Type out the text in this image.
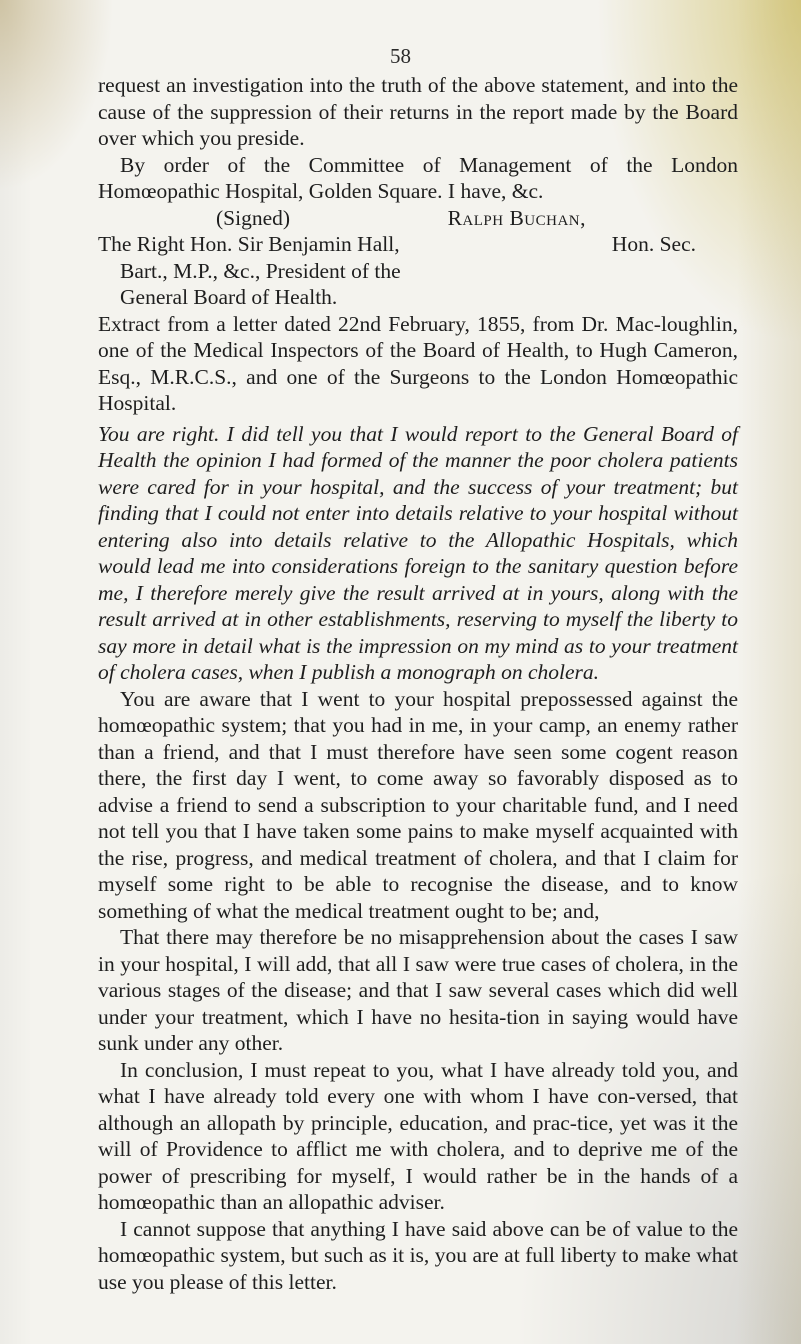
58

request an investigation into the truth of the above statement, and into the cause of the suppression of their returns in the report made by the Board over which you preside.

By order of the Committee of Management of the London Homœopathic Hospital, Golden Square. I have, &c.

(Signed)	Ralph Buchan,
The Right Hon. Sir Benjamin Hall,	Hon. Sec.
Bart., M.P., &c., President of the
General Board of Health.

Extract from a letter dated 22nd February, 1855, from Dr. Mac-loughlin, one of the Medical Inspectors of the Board of Health, to Hugh Cameron, Esq., M.R.C.S., and one of the Surgeons to the London Homœopathic Hospital.

You are right. I did tell you that I would report to the General Board of Health the opinion I had formed of the manner the poor cholera patients were cared for in your hospital, and the success of your treatment; but finding that I could not enter into details relative to your hospital without entering also into details relative to the Allopathic Hospitals, which would lead me into considerations foreign to the sanitary question before me, I therefore merely give the result arrived at in yours, along with the result arrived at in other establishments, reserving to myself the liberty to say more in detail what is the impression on my mind as to your treatment of cholera cases, when I publish a monograph on cholera.

You are aware that I went to your hospital prepossessed against the homœopathic system; that you had in me, in your camp, an enemy rather than a friend, and that I must therefore have seen some cogent reason there, the first day I went, to come away so favorably disposed as to advise a friend to send a subscription to your charitable fund, and I need not tell you that I have taken some pains to make myself acquainted with the rise, progress, and medical treatment of cholera, and that I claim for myself some right to be able to recognise the disease, and to know something of what the medical treatment ought to be; and,

That there may therefore be no misapprehension about the cases I saw in your hospital, I will add, that all I saw were true cases of cholera, in the various stages of the disease; and that I saw several cases which did well under your treatment, which I have no hesita-tion in saying would have sunk under any other.

In conclusion, I must repeat to you, what I have already told you, and what I have already told every one with whom I have con-versed, that although an allopath by principle, education, and prac-tice, yet was it the will of Providence to afflict me with cholera, and to deprive me of the power of prescribing for myself, I would rather be in the hands of a homœopathic than an allopathic adviser.

I cannot suppose that anything I have said above can be of value to the homœopathic system, but such as it is, you are at full liberty to make what use you please of this letter.
